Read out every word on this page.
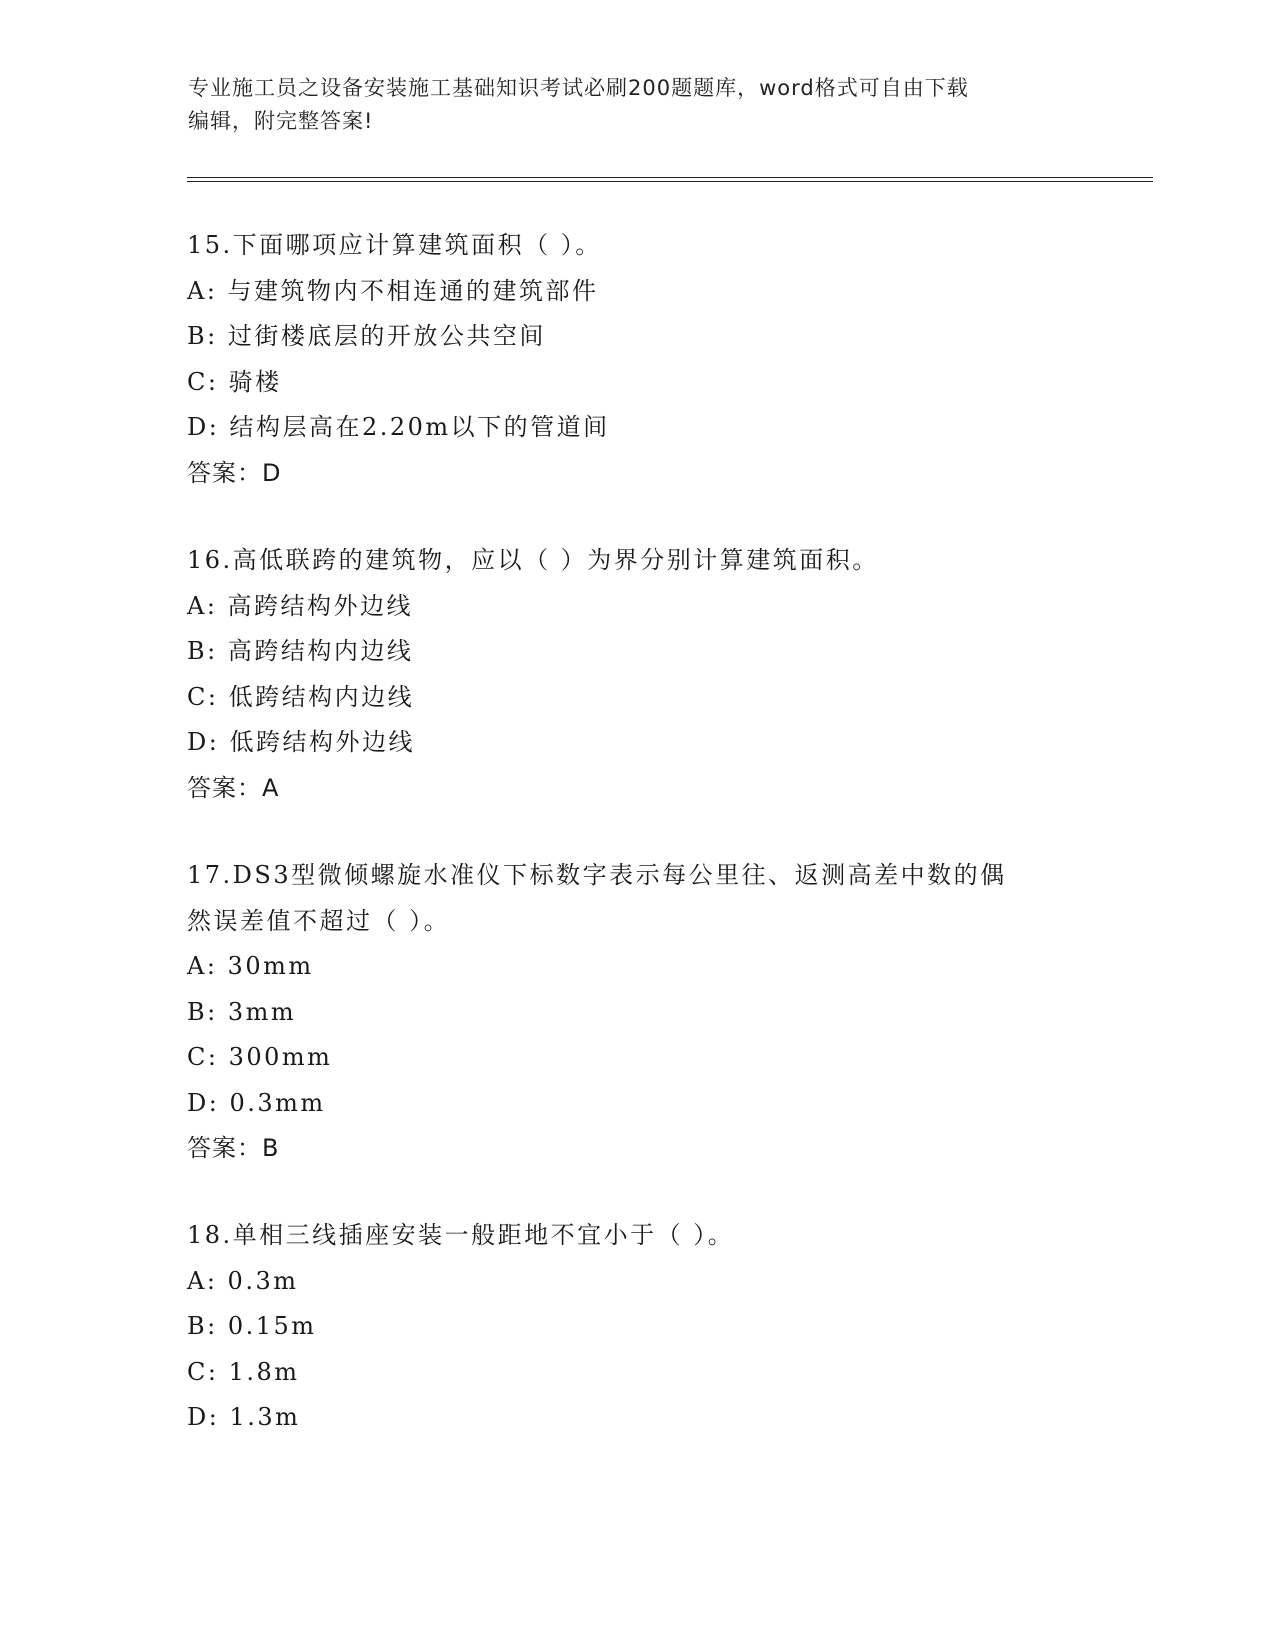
专业施工员之设备安装施工基础知识考试必刷200题题库，word格式可自由下载
编辑，附完整答案!
15.下面哪项应计算建筑面积（ ）。
A: 与建筑物内不相连通的建筑部件
B: 过街楼底层的开放公共空间
C: 骑楼
D: 结构层高在2.20m以下的管道间
答案：D
16.高低联跨的建筑物，应以（ ）为界分别计算建筑面积。
A: 高跨结构外边线
B: 高跨结构内边线
C: 低跨结构内边线
D: 低跨结构外边线
答案：A
17.DS3型微倾螺旋水准仪下标数字表示每公里往、返测高差中数的偶
然误差值不超过（ ）。
A: 30mm
B: 3mm
C: 300mm
D: 0.3mm
答案：B
18.单相三线插座安装一般距地不宜小于（ ）。
A: 0.3m
B: 0.15m
C: 1.8m
D: 1.3m
